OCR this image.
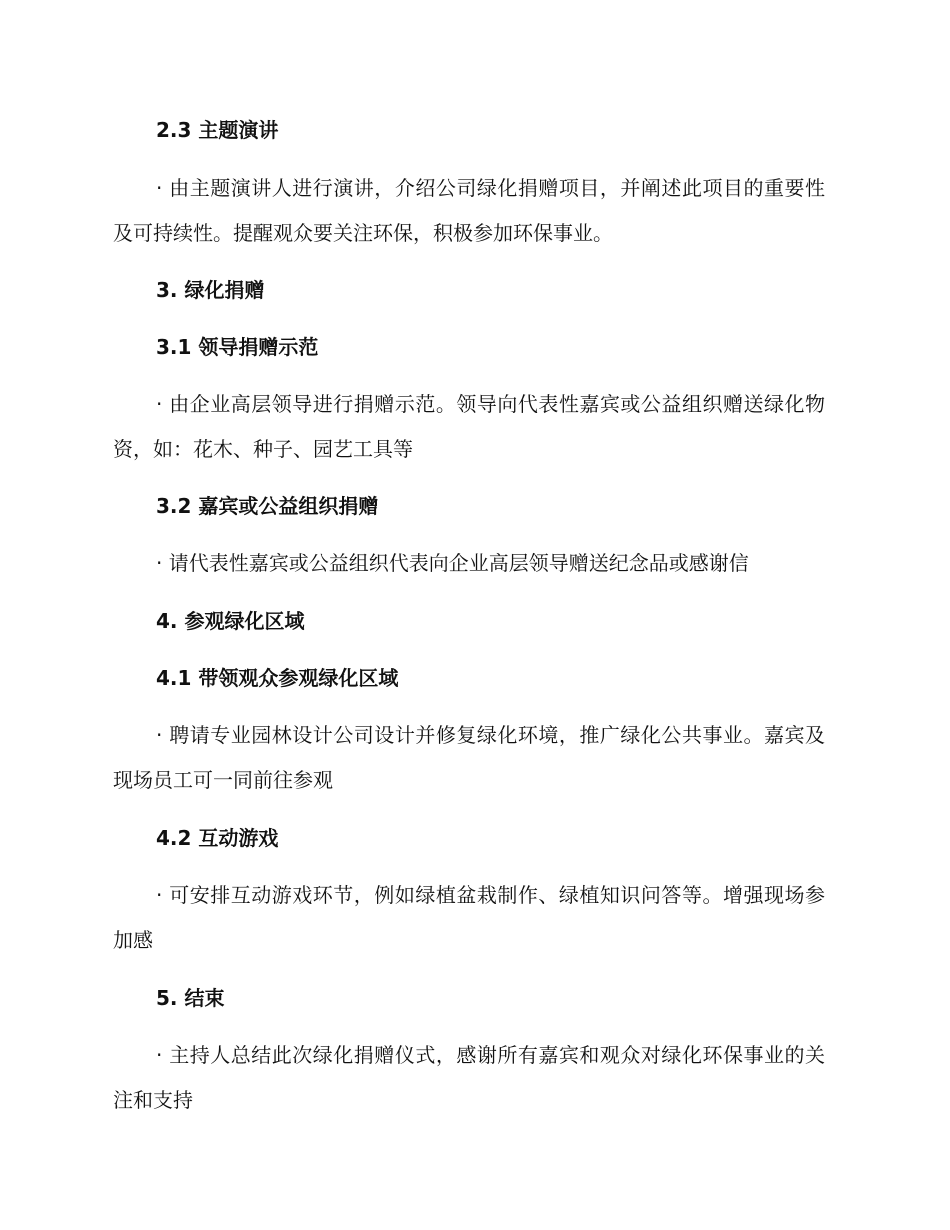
2.3 主题演讲
· 由主题演讲人进行演讲，介绍公司绿化捐赠项目，并阐述此项目的重要性及可持续性。提醒观众要关注环保，积极参加环保事业。
3. 绿化捐赠
3.1 领导捐赠示范
· 由企业高层领导进行捐赠示范。领导向代表性嘉宾或公益组织赠送绿化物资，如：花木、种子、园艺工具等
3.2 嘉宾或公益组织捐赠
· 请代表性嘉宾或公益组织代表向企业高层领导赠送纪念品或感谢信
4. 参观绿化区域
4.1 带领观众参观绿化区域
· 聘请专业园林设计公司设计并修复绿化环境，推广绿化公共事业。嘉宾及现场员工可一同前往参观
4.2 互动游戏
· 可安排互动游戏环节，例如绿植盆栽制作、绿植知识问答等。增强现场参加感
5. 结束
· 主持人总结此次绿化捐赠仪式，感谢所有嘉宾和观众对绿化环保事业的关注和支持
